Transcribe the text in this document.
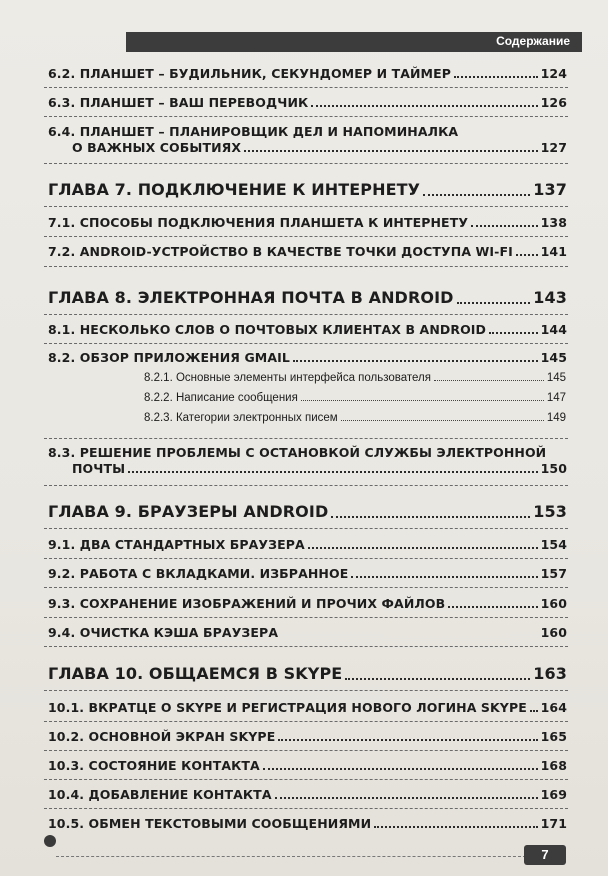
Содержание
6.2. ПЛАНШЕТ – БУДИЛЬНИК, СЕКУНДОМЕР И ТАЙМЕР	124
6.3. ПЛАНШЕТ – ВАШ ПЕРЕВОДЧИК	126
6.4. ПЛАНШЕТ – ПЛАНИРОВЩИК ДЕЛ И НАПОМИНАЛКА
О ВАЖНЫХ СОБЫТИЯХ	127
ГЛАВА 7. ПОДКЛЮЧЕНИЕ К ИНТЕРНЕТУ	137
7.1. СПОСОБЫ ПОДКЛЮЧЕНИЯ ПЛАНШЕТА К ИНТЕРНЕТУ	138
7.2. ANDROID-УСТРОЙСТВО В КАЧЕСТВЕ ТОЧКИ ДОСТУПА WI-FI 141
ГЛАВА 8. ЭЛЕКТРОННАЯ ПОЧТА В ANDROID	143
8.1. НЕСКОЛЬКО СЛОВ О ПОЧТОВЫХ КЛИЕНТАХ В ANDROID	144
8.2. ОБЗОР ПРИЛОЖЕНИЯ GMAIL	145
8.2.1. Основные элементы интерфейса пользователя	145
8.2.2. Написание сообщения	147
8.2.3. Категории электронных писем	149
8.3. РЕШЕНИЕ ПРОБЛЕМЫ С ОСТАНОВКОЙ СЛУЖБЫ ЭЛЕКТРОННОЙ
ПОЧТЫ	150
ГЛАВА 9. БРАУЗЕРЫ ANDROID	153
9.1. ДВА СТАНДАРТНЫХ БРАУЗЕРА	154
9.2. РАБОТА С ВКЛАДКАМИ. ИЗБРАННОЕ	157
9.3. СОХРАНЕНИЕ ИЗОБРАЖЕНИЙ И ПРОЧИХ ФАЙЛОВ	160
9.4. ОЧИСТКА КЭША БРАУЗЕРА	160
ГЛАВА 10. ОБЩАЕМСЯ В SKYPE	163
10.1. ВКРАТЦЕ О SKYPE И РЕГИСТРАЦИЯ НОВОГО ЛОГИНА SKYPE 164
10.2. ОСНОВНОЙ ЭКРАН SKYPE	165
10.3. СОСТОЯНИЕ КОНТАКТА	168
10.4. ДОБАВЛЕНИЕ КОНТАКТА	169
10.5. ОБМЕН ТЕКСТОВЫМИ СООБЩЕНИЯМИ	171
7
